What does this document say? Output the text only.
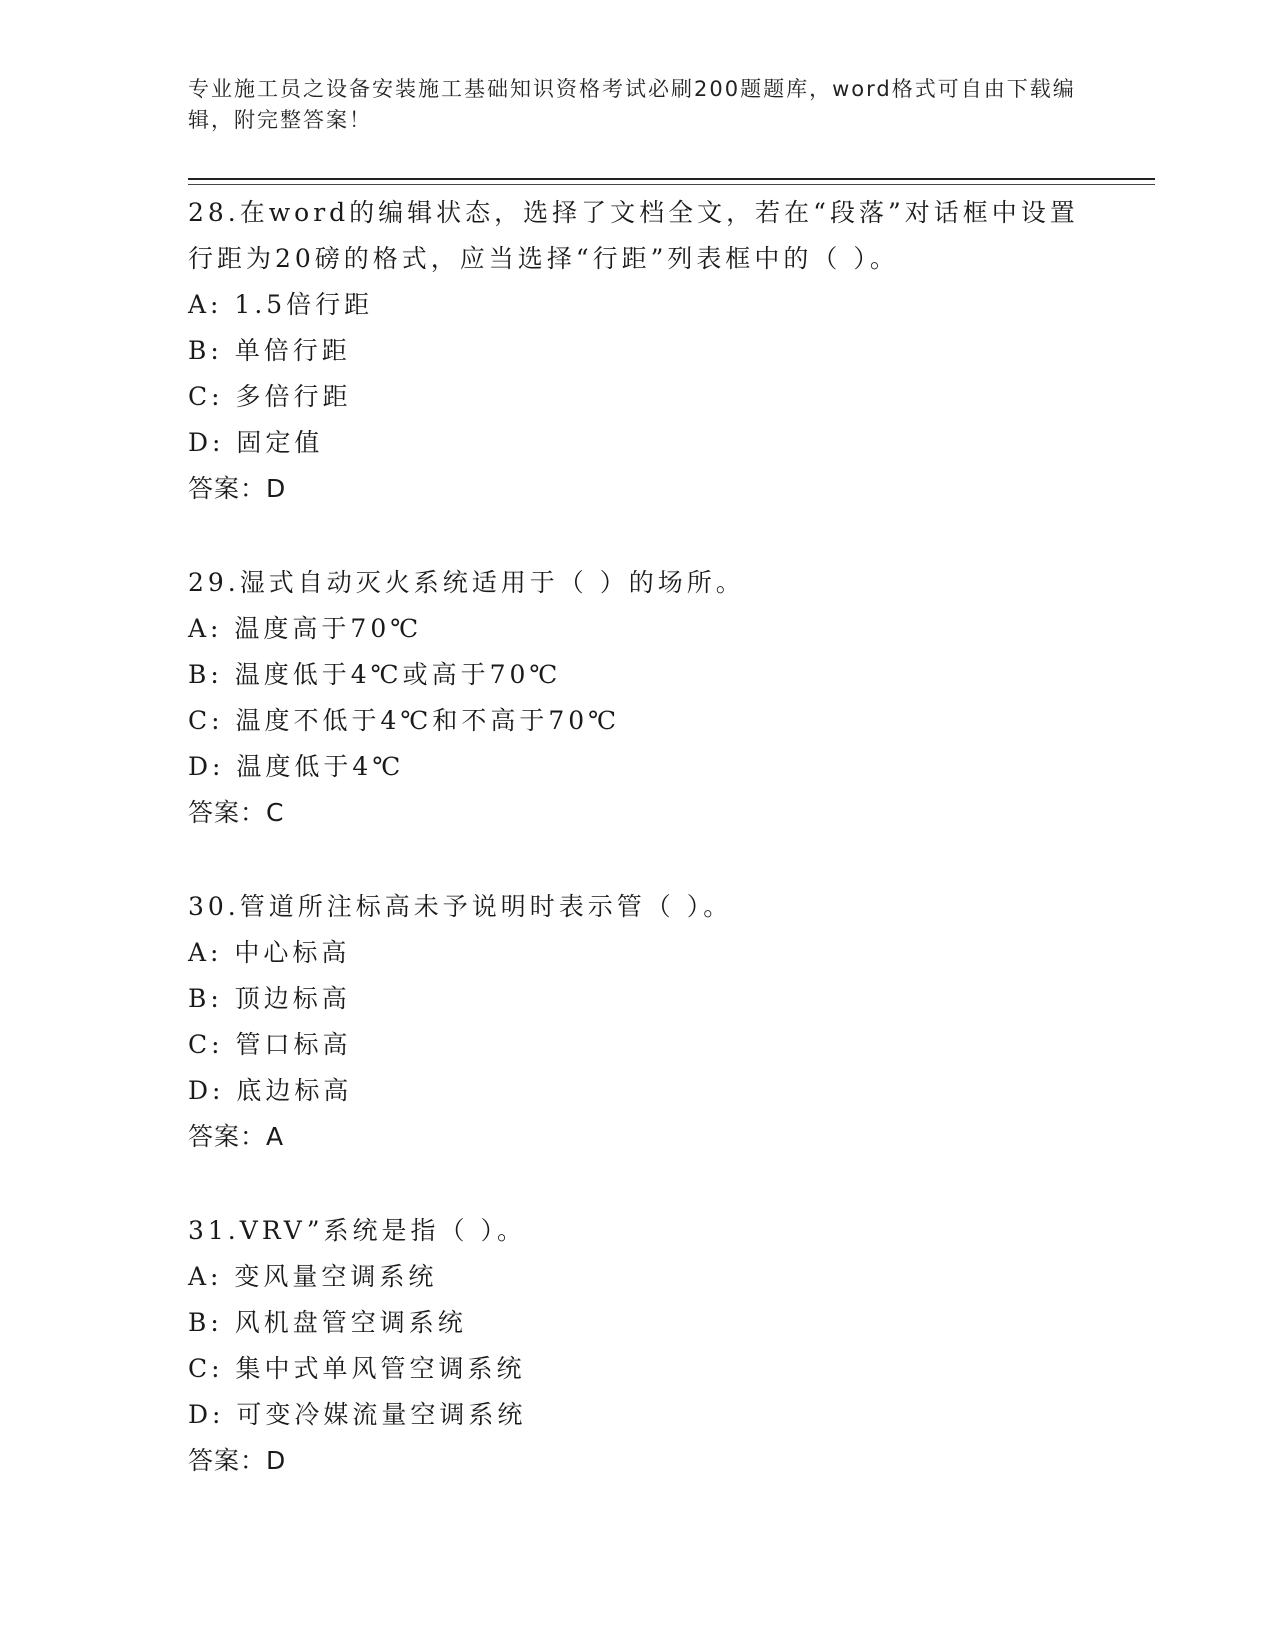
专业施工员之设备安装施工基础知识资格考试必刷200题题库，word格式可自由下载编辑，附完整答案！

28.在word的编辑状态，选择了文档全文，若在“段落”对话框中设置行距为20磅的格式，应当选择“行距”列表框中的（ ）。

A: 1.5倍行距

B: 单倍行距

C: 多倍行距

D: 固定值

答案：D

29.湿式自动灭火系统适用于（ ）的场所。

A: 温度高于70℃

B: 温度低于4℃或高于70℃

C: 温度不低于4℃和不高于70℃

D: 温度低于4℃

答案：C

30.管道所注标高未予说明时表示管（ ）。

A: 中心标高

B: 顶边标高

C: 管口标高

D: 底边标高

答案：A

31.VRV”系统是指（ ）。

A: 变风量空调系统

B: 风机盘管空调系统

C: 集中式单风管空调系统

D: 可变冷媒流量空调系统

答案：D
